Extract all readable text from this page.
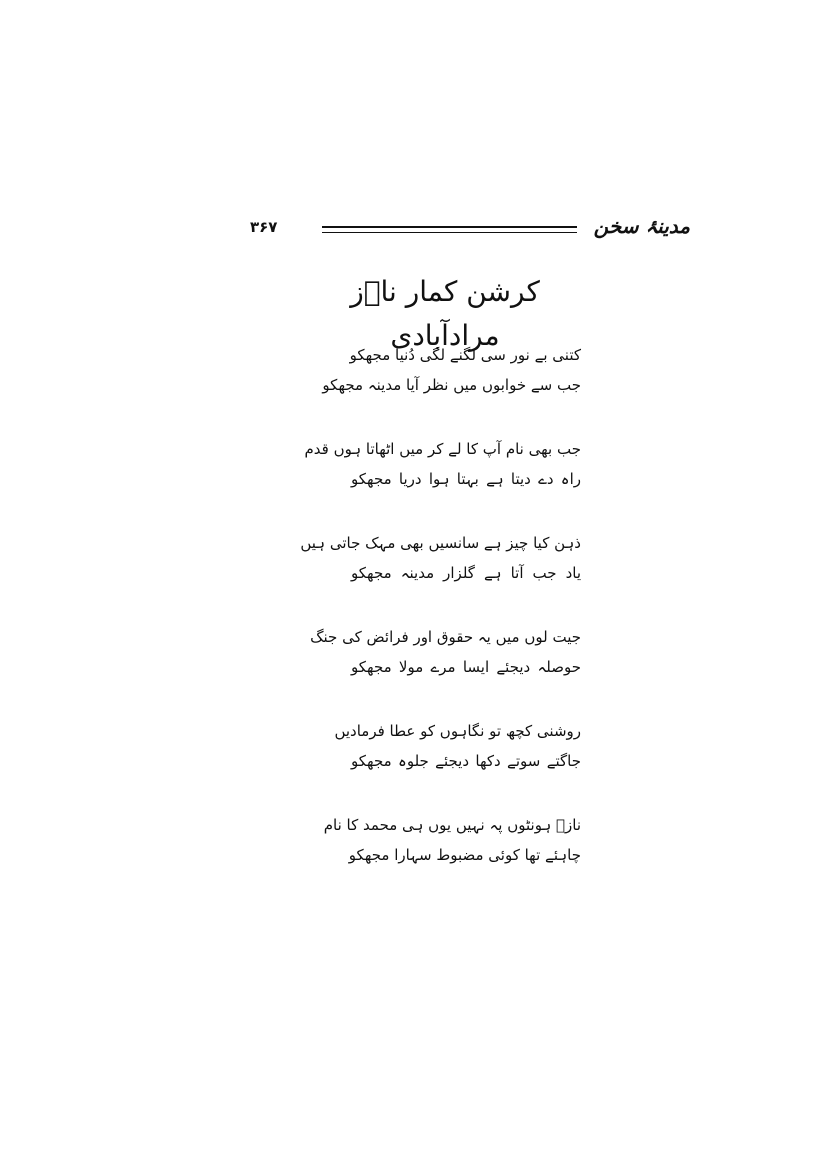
۳۶۷	مدینۂ سخن
کرشن کمار ناؔز مرادآبادی
کتنی بے نور سی لگنے لگی دُنیا مجھکو
جب سے خوابوں میں نظر آیا مدینہ مجھکو
جب بھی نام آپ کا لے کر میں اٹھاتا ہوں قدم
راہ دے دیتا ہے بہتا ہوا دریا مجھکو
ذہن کیا چیز ہے سانسیں بھی مہک جاتی ہیں
یاد جب آتا ہے گلزار مدینہ مجھکو
جیت لوں میں یہ حقوق اور فرائض کی جنگ
حوصلہ دیجئے ایسا مرے مولا مجھکو
روشنی کچھ تو نگاہوں کو عطا فرمادیں
جاگتے سوتے دکھا دیجئے جلوہ مجھکو
نازؔ ہونٹوں پہ نہیں یوں ہی محمد کا نام
چاہئے تھا کوئی مضبوط سہارا مجھکو
